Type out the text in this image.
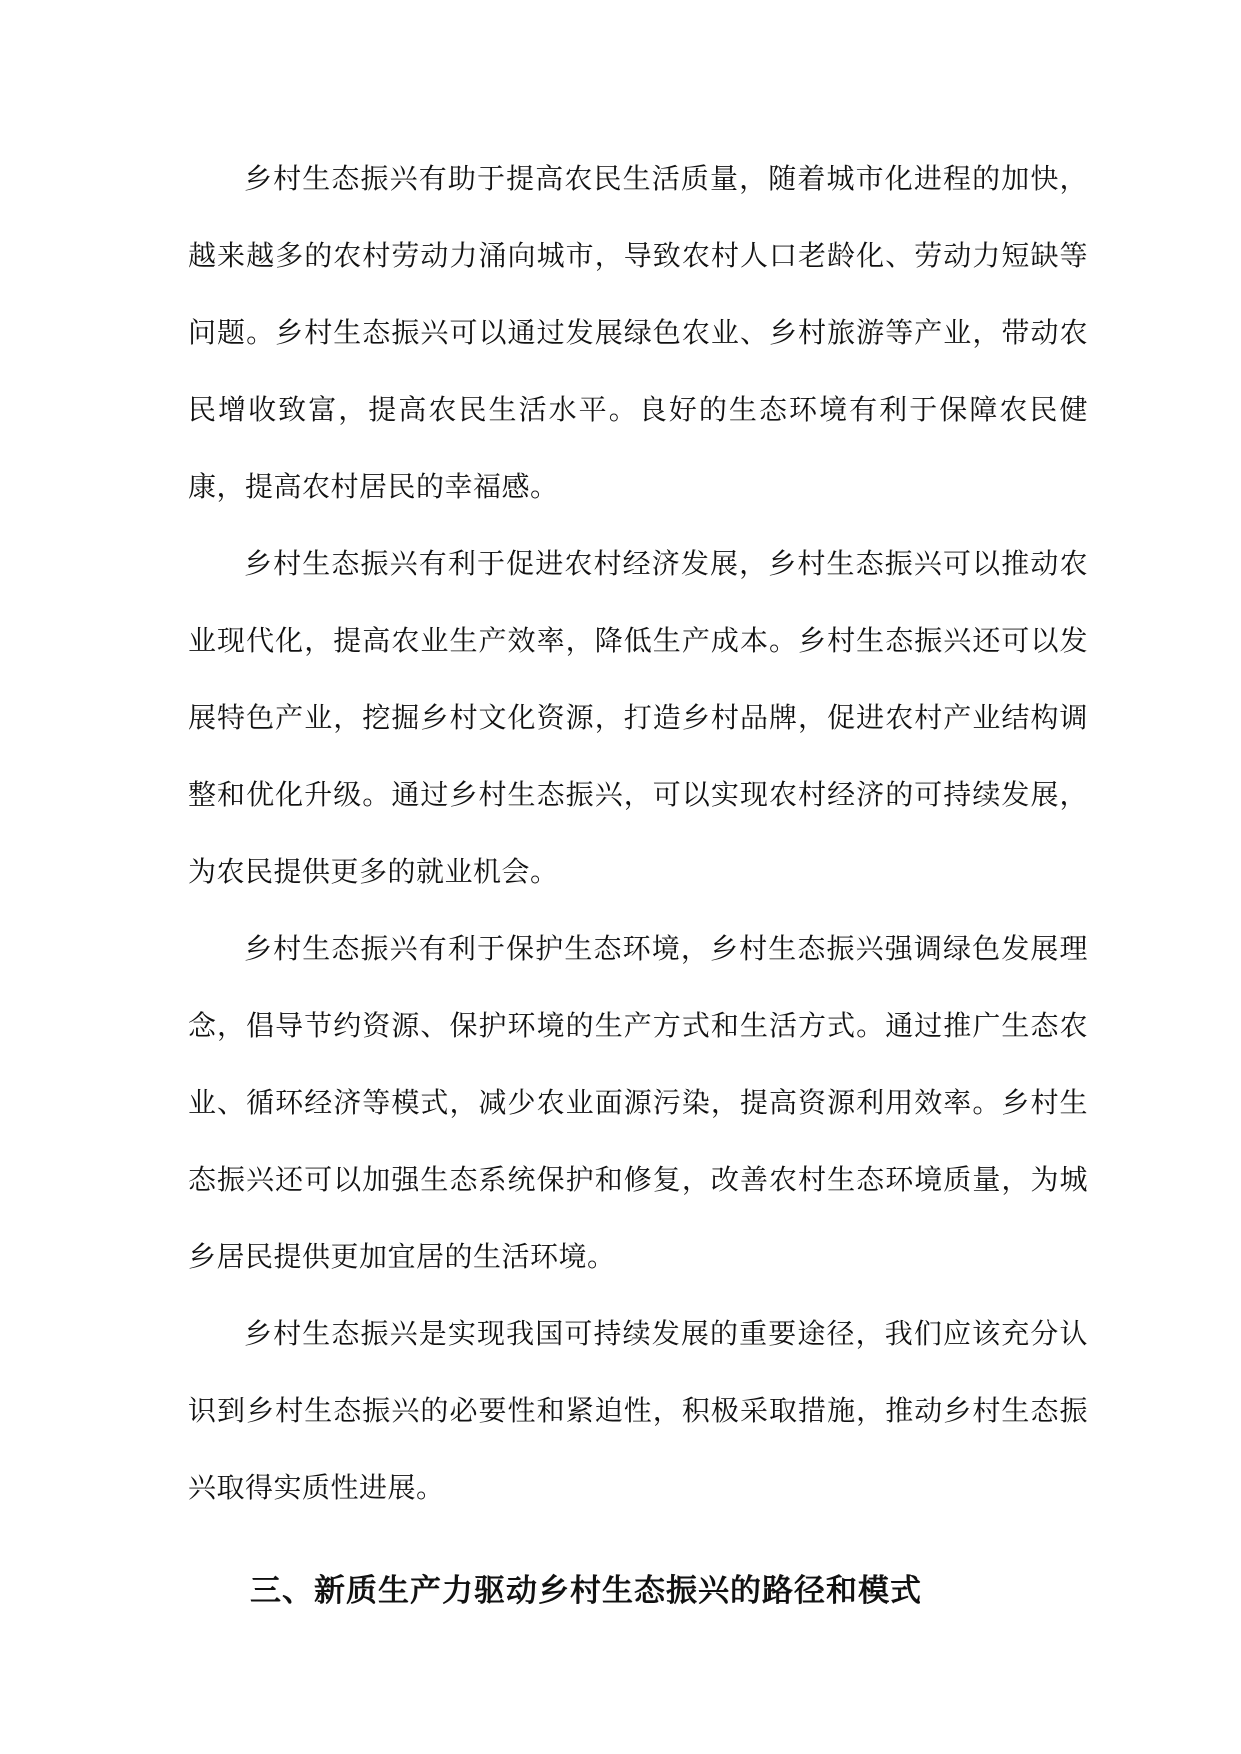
乡村生态振兴有助于提高农民生活质量，随着城市化进程的加快，越来越多的农村劳动力涌向城市，导致农村人口老龄化、劳动力短缺等问题。乡村生态振兴可以通过发展绿色农业、乡村旅游等产业，带动农民增收致富，提高农民生活水平。良好的生态环境有利于保障农民健康，提高农村居民的幸福感。

乡村生态振兴有利于促进农村经济发展，乡村生态振兴可以推动农业现代化，提高农业生产效率，降低生产成本。乡村生态振兴还可以发展特色产业，挖掘乡村文化资源，打造乡村品牌，促进农村产业结构调整和优化升级。通过乡村生态振兴，可以实现农村经济的可持续发展，为农民提供更多的就业机会。

乡村生态振兴有利于保护生态环境，乡村生态振兴强调绿色发展理念，倡导节约资源、保护环境的生产方式和生活方式。通过推广生态农业、循环经济等模式，减少农业面源污染，提高资源利用效率。乡村生态振兴还可以加强生态系统保护和修复，改善农村生态环境质量，为城乡居民提供更加宜居的生活环境。

乡村生态振兴是实现我国可持续发展的重要途径，我们应该充分认识到乡村生态振兴的必要性和紧迫性，积极采取措施，推动乡村生态振兴取得实质性进展。

三、新质生产力驱动乡村生态振兴的路径和模式
